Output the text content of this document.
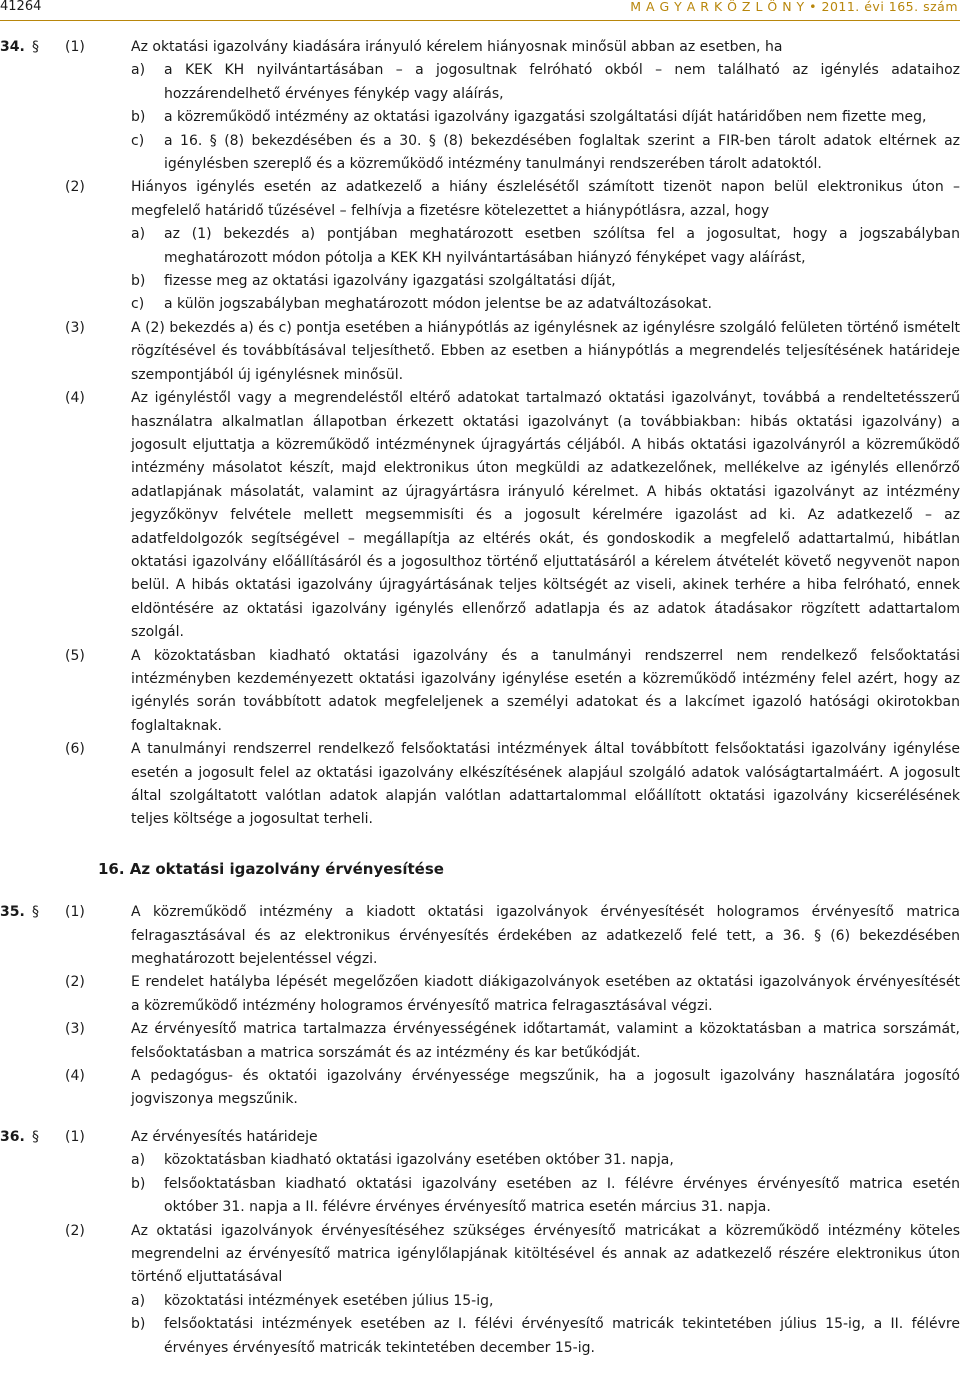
41264	M A G Y A R K Ö Z L Ö N Y • 2011. évi 165. szám
34. § (1)	Az oktatási igazolvány kiadására irányuló kérelem hiányosnak minősül abban az esetben, ha
a) a KEK KH nyilvántartásában – a jogosultnak felróható okból – nem található az igénylés adataihoz hozzárendelhető érvényes fénykép vagy aláírás,
b) a közreműködő intézmény az oktatási igazolvány igazgatási szolgáltatási díját határidőben nem fizette meg,
c) a 16. § (8) bekezdésében és a 30. § (8) bekezdésében foglaltak szerint a FIR-ben tárolt adatok eltérnek az igénylésben szereplő és a közreműködő intézmény tanulmányi rendszerében tárolt adatoktól.
(2)	Hiányos igénylés esetén az adatkezelő a hiány észlelésétől számított tizenöt napon belül elektronikus úton – megfelelő határidő tűzésével – felhívja a fizetésre kötelezettet a hiánypótlásra, azzal, hogy
a) az (1) bekezdés a) pontjában meghatározott esetben szólítsa fel a jogosultat, hogy a jogszabályban meghatározott módon pótolja a KEK KH nyilvántartásában hiányzó fényképet vagy aláírást,
b) fizesse meg az oktatási igazolvány igazgatási szolgáltatási díját,
c) a külön jogszabályban meghatározott módon jelentse be az adatváltozásokat.
(3)	A (2) bekezdés a) és c) pontja esetében a hiánypótlás az igénylésnek az igénylésre szolgáló felületen történő ismételt rögzítésével és továbbításával teljesíthető. Ebben az esetben a hiánypótlás a megrendelés teljesítésének határideje szempontjából új igénylésnek minősül.
(4)	Az igényléstől vagy a megrendeléstől eltérő adatokat tartalmazó oktatási igazolványt, továbbá a rendeltetésszerű használatra alkalmatlan állapotban érkezett oktatási igazolványt (a továbbiakban: hibás oktatási igazolvány) a jogosult eljuttatja a közreműködő intézménynek újragyártás céljából. A hibás oktatási igazolványról a közreműködő intézmény másolatot készít, majd elektronikus úton megküldi az adatkezelőnek, mellékelve az igénylés ellenőrző adatlapjának másolatát, valamint az újragyártásra irányuló kérelmet. A hibás oktatási igazolványt az intézmény jegyzőkönyv felvétele mellett megsemmisíti és a jogosult kérelmére igazolást ad ki. Az adatkezelő – az adatfeldolgozók segítségével – megállapítja az eltérés okát, és gondoskodik a megfelelő adattartalmú, hibátlan oktatási igazolvány előállításáról és a jogosulthoz történő eljuttatásáról a kérelem átvételét követő negyvenöt napon belül. A hibás oktatási igazolvány újragyártásának teljes költségét az viseli, akinek terhére a hiba felróható, ennek eldöntésére az oktatási igazolvány igénylés ellenőrző adatlapja és az adatok átadásakor rögzített adattartalom szolgál.
(5)	A közoktatásban kiadható oktatási igazolvány és a tanulmányi rendszerrel nem rendelkező felsőoktatási intézményben kezdeményezett oktatási igazolvány igénylése esetén a közreműködő intézmény felel azért, hogy az igénylés során továbbított adatok megfeleljenek a személyi adatokat és a lakcímet igazoló hatósági okirotokban foglaltaknak.
(6)	A tanulmányi rendszerrel rendelkező felsőoktatási intézmények által továbbított felsőoktatási igazolvány igénylése esetén a jogosult felel az oktatási igazolvány elkészítésének alapjául szolgáló adatok valóságtartalmáért. A jogosult által szolgáltatott valótlan adatok alapján valótlan adattartalommal előállított oktatási igazolvány kicserélésének teljes költsége a jogosultat terheli.
16. Az oktatási igazolvány érvényesítése
35. § (1)	A közreműködő intézmény a kiadott oktatási igazolványok érvényesítését hologramos érvényesítő matrica felragasztásával és az elektronikus érvényesítés érdekében az adatkezelő felé tett, a 36. § (6) bekezdésében meghatározott bejelentéssel végzi.
(2)	E rendelet hatályba lépését megelőzően kiadott diákigazolványok esetében az oktatási igazolványok érvényesítését a közreműködő intézmény hologramos érvényesítő matrica felragasztásával végzi.
(3)	Az érvényesítő matrica tartalmazza érvényességének időtartamát, valamint a közoktatásban a matrica sorszámát, felsőoktatásban a matrica sorszámát és az intézmény és kar betűkódját.
(4)	A pedagógus- és oktatói igazolvány érvényessége megszűnik, ha a jogosult igazolvány használatára jogosító jogviszonya megszűnik.
36. § (1)	Az érvényesítés határideje
a) közoktatásban kiadható oktatási igazolvány esetében október 31. napja,
b) felsőoktatásban kiadható oktatási igazolvány esetében az I. félévre érvényes érvényesítő matrica esetén október 31. napja a II. félévre érvényes érvényesítő matrica esetén március 31. napja.
(2)	Az oktatási igazolványok érvényesítéséhez szükséges érvényesítő matricákat a közreműködő intézmény köteles megrendelni az érvényesítő matrica igénylőlapjának kitöltésével és annak az adatkezelő részére elektronikus úton történő eljuttatásával
a) közoktatási intézmények esetében július 15-ig,
b) felsőoktatási intézmények esetében az I. félévi érvényesítő matricák tekintetében július 15-ig, a II. félévre érvényes érvényesítő matricák tekintetében december 15-ig.
